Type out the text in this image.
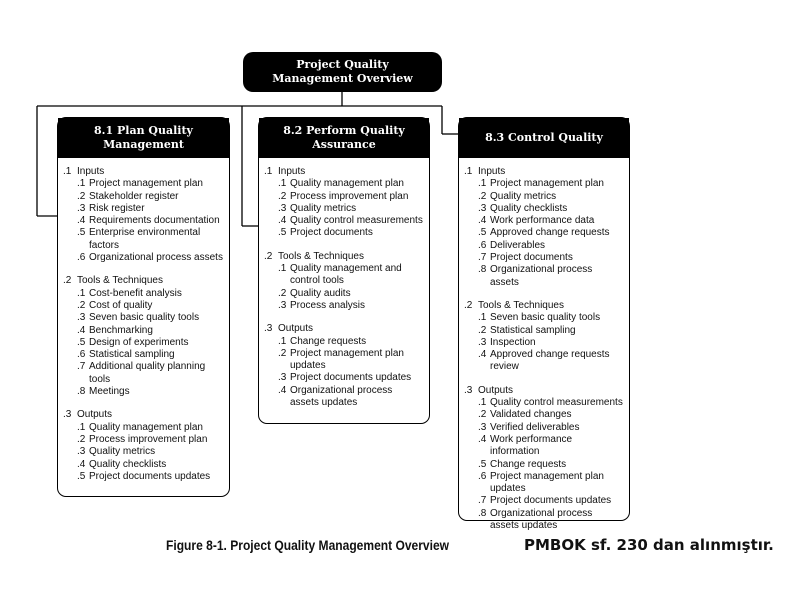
Project Quality
Management Overview
8.1 Plan Quality
Management
.1 Inputs
.1 Project management plan
.2 Stakeholder register
.3 Risk register
.4 Requirements documentation
.5 Enterprise environmental factors
.6 Organizational process assets
.2 Tools & Techniques
.1 Cost-benefit analysis
.2 Cost of quality
.3 Seven basic quality tools
.4 Benchmarking
.5 Design of experiments
.6 Statistical sampling
.7 Additional quality planning tools
.8 Meetings
.3 Outputs
.1 Quality management plan
.2 Process improvement plan
.3 Quality metrics
.4 Quality checklists
.5 Project documents updates
8.2 Perform Quality
Assurance
.1 Inputs
.1 Quality management plan
.2 Process improvement plan
.3 Quality metrics
.4 Quality control measurements
.5 Project documents
.2 Tools & Techniques
.1 Quality management and control tools
.2 Quality audits
.3 Process analysis
.3 Outputs
.1 Change requests
.2 Project management plan updates
.3 Project documents updates
.4 Organizational process assets updates
8.3 Control Quality
.1 Inputs
.1 Project management plan
.2 Quality metrics
.3 Quality checklists
.4 Work performance data
.5 Approved change requests
.6 Deliverables
.7 Project documents
.8 Organizational process assets
.2 Tools & Techniques
.1 Seven basic quality tools
.2 Statistical sampling
.3 Inspection
.4 Approved change requests review
.3 Outputs
.1 Quality control measurements
.2 Validated changes
.3 Verified deliverables
.4 Work performance information
.5 Change requests
.6 Project management plan updates
.7 Project documents updates
.8 Organizational process assets updates
Figure 8-1. Project Quality Management Overview	PMBOK sf. 230 dan alınmıştır.
